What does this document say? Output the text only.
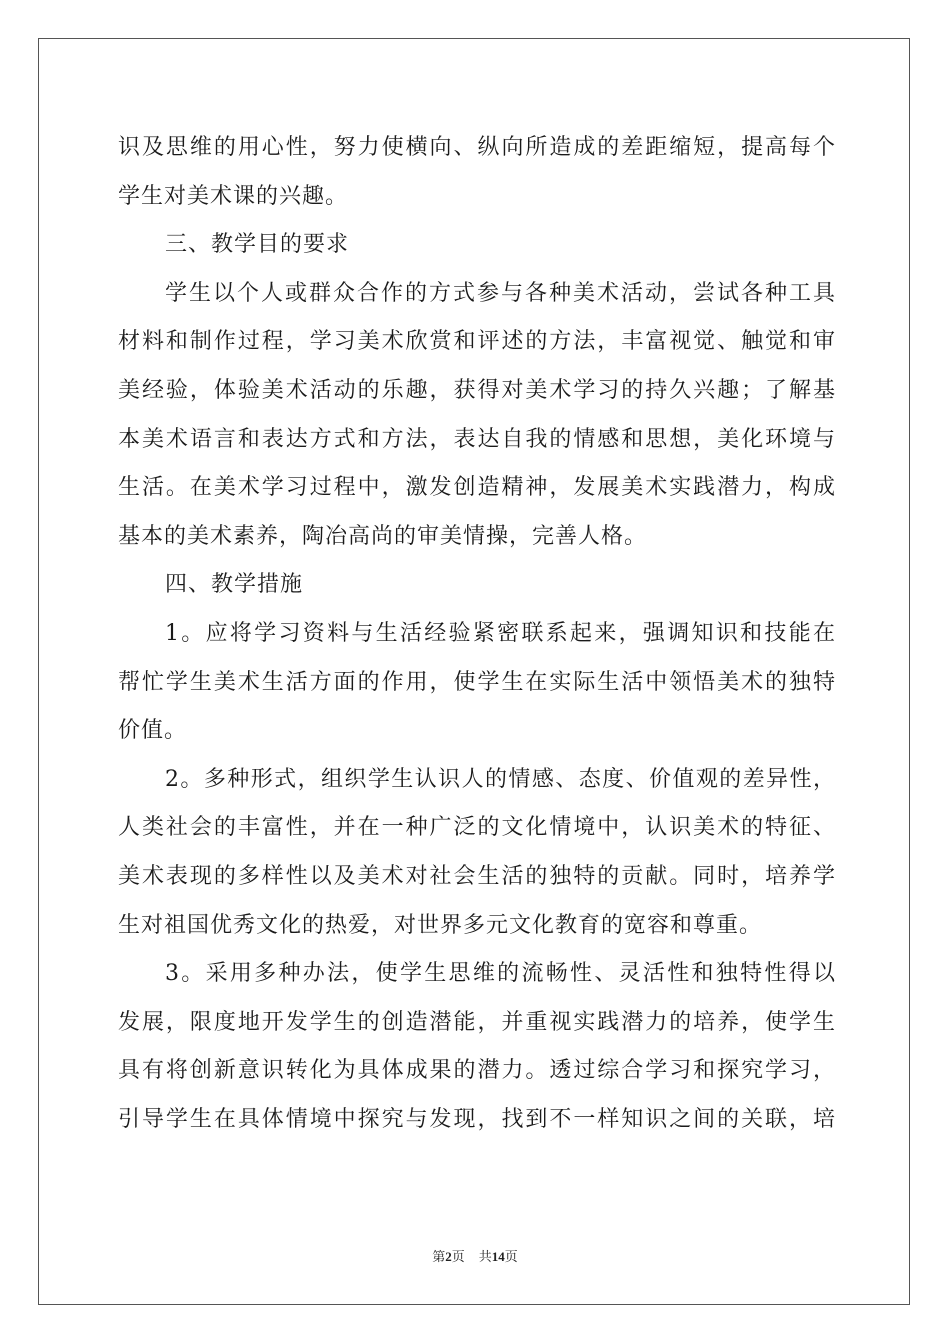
识及思维的用心性，努力使横向、纵向所造成的差距缩短，提高每个
学生对美术课的兴趣。
三、教学目的要求
学生以个人或群众合作的方式参与各种美术活动，尝试各种工具
材料和制作过程，学习美术欣赏和评述的方法，丰富视觉、触觉和审
美经验，体验美术活动的乐趣，获得对美术学习的持久兴趣；了解基
本美术语言和表达方式和方法，表达自我的情感和思想，美化环境与
生活。在美术学习过程中，激发创造精神，发展美术实践潜力，构成
基本的美术素养，陶冶高尚的审美情操，完善人格。
四、教学措施
1。应将学习资料与生活经验紧密联系起来，强调知识和技能在
帮忙学生美术生活方面的作用，使学生在实际生活中领悟美术的独特
价值。
2。多种形式，组织学生认识人的情感、态度、价值观的差异性，
人类社会的丰富性，并在一种广泛的文化情境中，认识美术的特征、
美术表现的多样性以及美术对社会生活的独特的贡献。同时，培养学
生对祖国优秀文化的热爱，对世界多元文化教育的宽容和尊重。
3。采用多种办法，使学生思维的流畅性、灵活性和独特性得以
发展，限度地开发学生的创造潜能，并重视实践潜力的培养，使学生
具有将创新意识转化为具体成果的潜力。透过综合学习和探究学习，
引导学生在具体情境中探究与发现，找到不一样知识之间的关联，培
第2页 共14页
